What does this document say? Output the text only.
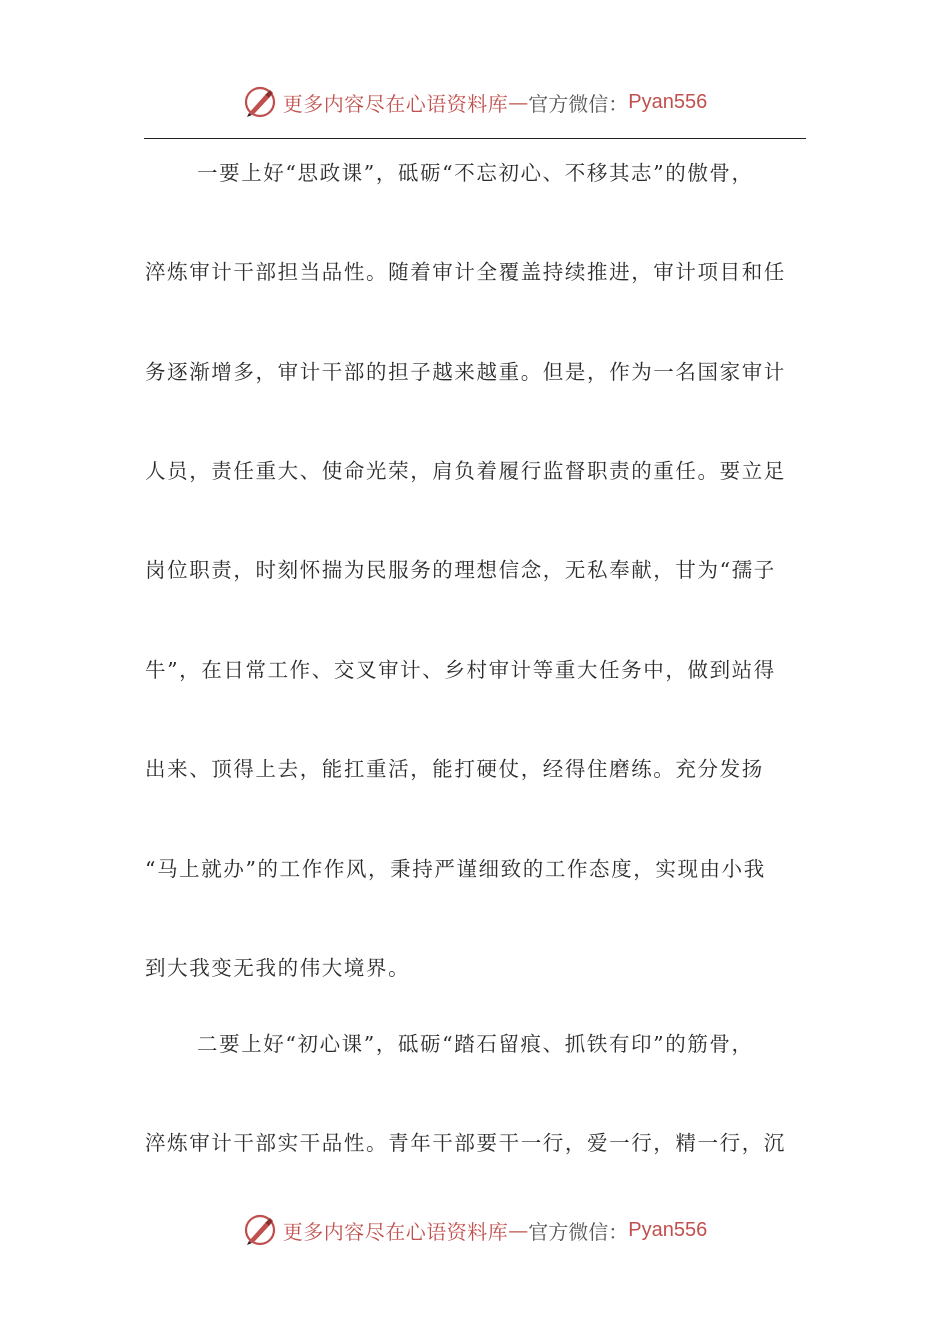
更多内容尽在心语资料库 — 官方微信： Pyan556
一要上好“思政课”，砥砺“不忘初心、不移其志”的傲骨，
淬炼审计干部担当品性。随着审计全覆盖持续推进，审计项目和任
务逐渐增多，审计干部的担子越来越重。但是，作为一名国家审计
人员，责任重大、使命光荣，肩负着履行监督职责的重任。要立足
岗位职责，时刻怀揣为民服务的理想信念，无私奉献，甘为“孺子
牛”，在日常工作、交叉审计、乡村审计等重大任务中，做到站得
出来、顶得上去，能扛重活，能打硬仗，经得住磨练。充分发扬
“马上就办”的工作作风，秉持严谨细致的工作态度，实现由小我
到大我变无我的伟大境界。
二要上好“初心课”，砥砺“踏石留痕、抓铁有印”的筋骨，
淬炼审计干部实干品性。青年干部要干一行，爱一行，精一行，沉
更多内容尽在心语资料库 — 官方微信： Pyan556
